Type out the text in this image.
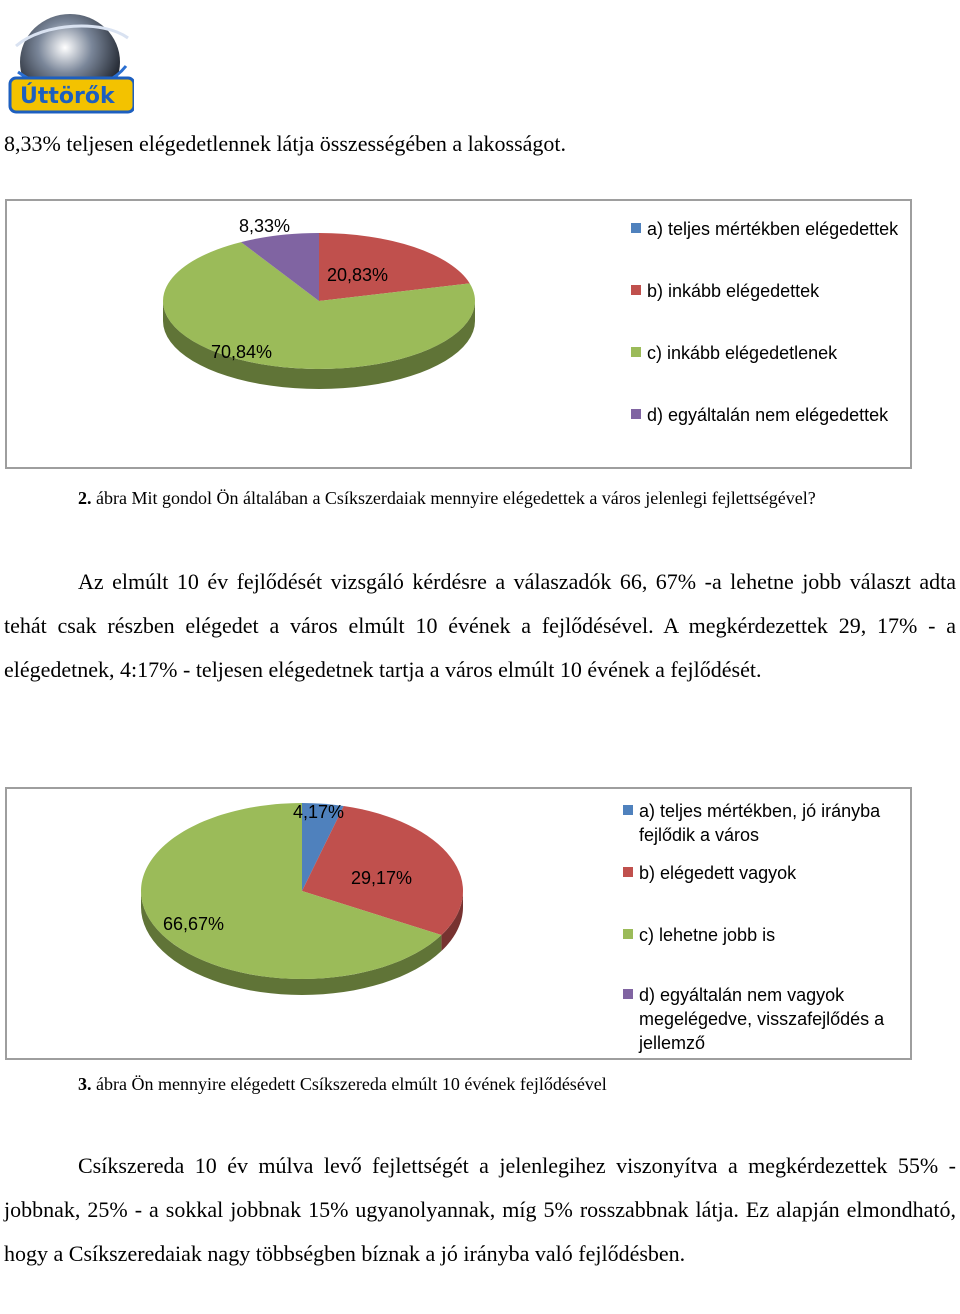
Úttörők

8,33% teljesen elégedetlennek látja összességében a lakosságot.

20,83%
70,84%
8,33%	a) teljes mértékben elégedettek
b) inkább elégedettek
c) inkább elégedetlenek
d) egyáltalán nem elégedettek

2. ábra Mit gondol Ön általában a Csíkszerdaiak mennyire elégedettek a város jelenlegi fejlettségével?

Az elmúlt 10 év fejlődését vizsgáló kérdésre a válaszadók 66, 67% -a lehetne jobb választ adta tehát csak részben elégedet a város elmúlt 10 évének a fejlődésével. A megkérdezettek 29, 17% - a elégedetnek, 4:17% - teljesen elégedetnek tartja a város elmúlt 10 évének a fejlődését.

4,17%
29,17%
66,67%
a) teljes mértékben, jó irányba fejlődik a város
b) elégedett vagyok
c) lehetne jobb is
d) egyáltalán nem vagyok megelégedve, visszafejlődés a jellemző

3. ábra Ön mennyire elégedett Csíkszereda elmúlt 10 évének fejlődésével

Csíkszereda 10 év múlva levő fejlettségét a jelenlegihez viszonyítva a megkérdezettek 55% - jobbnak, 25% - a sokkal jobbnak 15% ugyanolyannak, míg 5% rosszabbnak látja. Ez alapján elmondható, hogy a Csíkszeredaiak nagy többségben bíznak a jó irányba való fejlődésben.
